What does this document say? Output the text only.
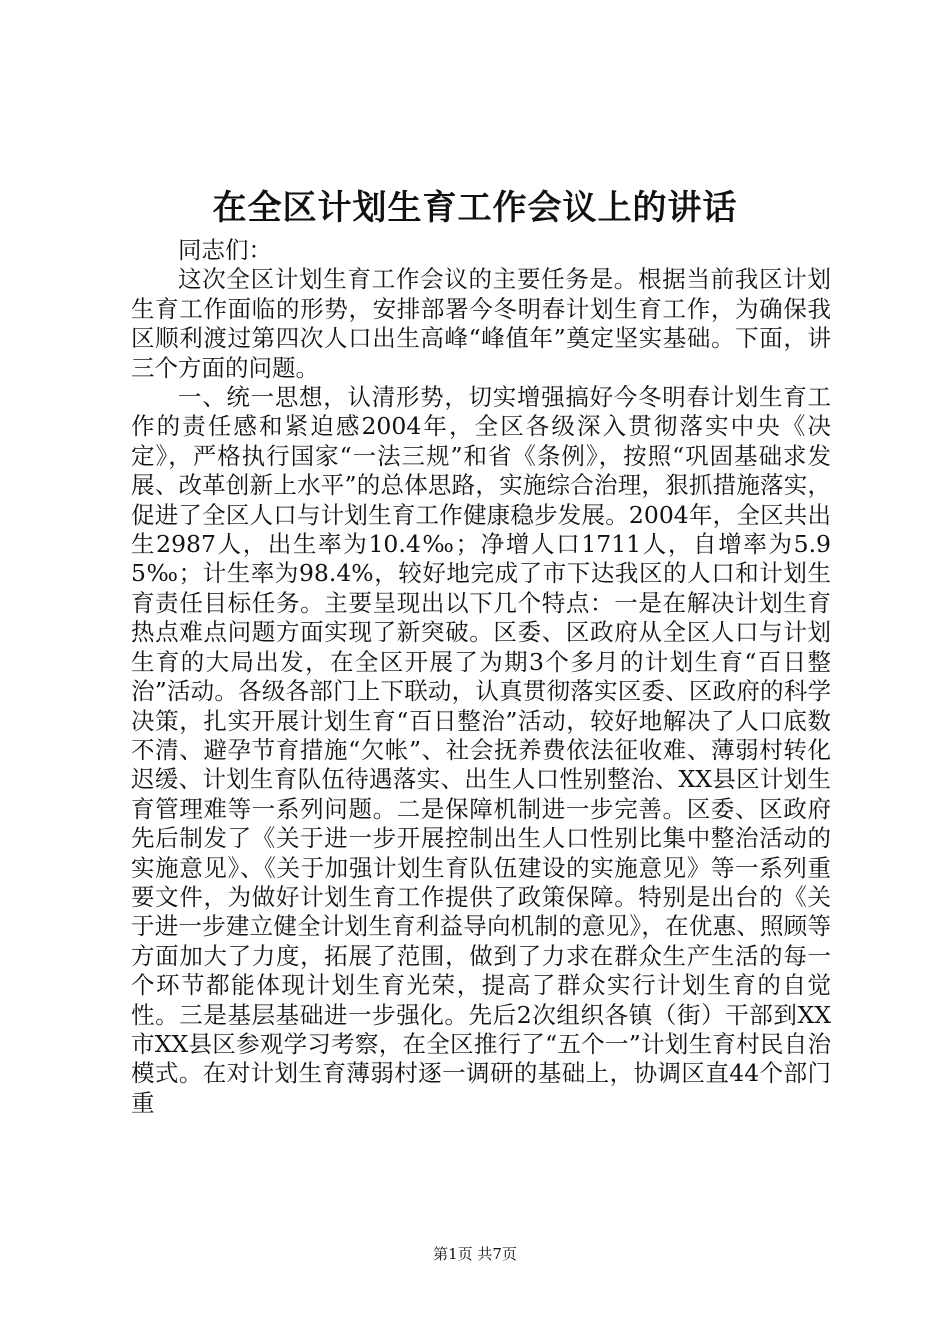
在全区计划生育工作会议上的讲话

同志们：

这次全区计划生育工作会议的主要任务是。根据当前我区计划生育工作面临的形势，安排部署今冬明春计划生育工作，为确保我区顺利渡过第四次人口出生高峰“峰值年”奠定坚实基础。下面，讲三个方面的问题。

一、统一思想，认清形势，切实增强搞好今冬明春计划生育工作的责任感和紧迫感2004年，全区各级深入贯彻落实中央《决定》，严格执行国家“一法三规”和省《条例》，按照“巩固基础求发展、改革创新上水平”的总体思路，实施综合治理，狠抓措施落实，促进了全区人口与计划生育工作健康稳步发展。2004年，全区共出生2987人，出生率为10.4‰；净增人口1711人，自增率为5.95‰；计生率为98.4%，较好地完成了市下达我区的人口和计划生育责任目标任务。主要呈现出以下几个特点：一是在解决计划生育热点难点问题方面实现了新突破。区委、区政府从全区人口与计划生育的大局出发，在全区开展了为期3个多月的计划生育“百日整治”活动。各级各部门上下联动，认真贯彻落实区委、区政府的科学决策，扎实开展计划生育“百日整治”活动，较好地解决了人口底数不清、避孕节育措施“欠帐”、社会抚养费依法征收难、薄弱村转化迟缓、计划生育队伍待遇落实、出生人口性别整治、XX县区计划生育管理难等一系列问题。二是保障机制进一步完善。区委、区政府先后制发了《关于进一步开展控制出生人口性别比集中整治活动的实施意见》、《关于加强计划生育队伍建设的实施意见》等一系列重要文件，为做好计划生育工作提供了政策保障。特别是出台的《关于进一步建立健全计划生育利益导向机制的意见》，在优惠、照顾等方面加大了力度，拓展了范围，做到了力求在群众生产生活的每一个环节都能体现计划生育光荣，提高了群众实行计划生育的自觉性。三是基层基础进一步强化。先后2次组织各镇（街）干部到XX市XX县区参观学习考察，在全区推行了“五个一”计划生育村民自治模式。在对计划生育薄弱村逐一调研的基础上，协调区直44个部门重

第1页 共7页
